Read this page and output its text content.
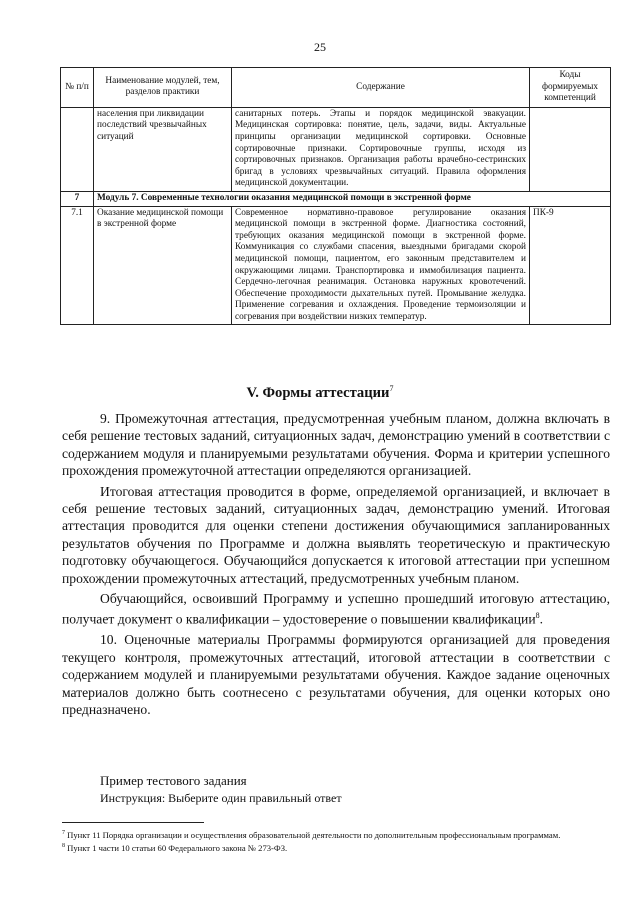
25
№ п/п	Наименование модулей, тем, разделов практики	Содержание	Коды формируемых компетенций
	населения при ликвидации последствий чрезвычайных ситуаций	санитарных потерь. Этапы и порядок медицинской эвакуации. Медицинская сортировка: понятие, цель, задачи, виды. Актуальные принципы организации медицинской сортировки. Основные сортировочные признаки. Сортировочные группы, исходя из сортировочных признаков. Организация работы врачебно-сестринских бригад в условиях чрезвычайных ситуаций. Правила оформления медицинской документации.	
7	Модуль 7. Современные технологии оказания медицинской помощи в экстренной форме		
7.1	Оказание медицинской помощи в экстренной форме	Современное нормативно-правовое регулирование оказания медицинской помощи в экстренной форме. Диагностика состояний, требующих оказания медицинской помощи в экстренной форме. Коммуникация со службами спасения, выездными бригадами скорой медицинской помощи, пациентом, его законным представителем и окружающими лицами. Транспортировка и иммобилизация пациента. Сердечно-легочная реанимация. Остановка наружных кровотечений. Обеспечение проходимости дыхательных путей. Промывание желудка. Применение согревания и охлаждения. Проведение термоизоляции и согревания при воздействии низких температур.	ПК-9
V. Формы аттестации$^7$

9. Промежуточная аттестация, предусмотренная учебным планом, должна включать в себя решение тестовых заданий, ситуационных задач, демонстрацию умений в соответствии с содержанием модуля и планируемыми результатами обучения. Форма и критерии успешного прохождения промежуточной аттестации определяются организацией.

Итоговая аттестация проводится в форме, определяемой организацией, и включает в себя решение тестовых заданий, ситуационных задач, демонстрацию умений. Итоговая аттестация проводится для оценки степени достижения обучающимися запланированных результатов обучения по Программе и должна выявлять теоретическую и практическую подготовку обучающегося. Обучающийся допускается к итоговой аттестации при успешном прохождении промежуточных аттестаций, предусмотренных учебным планом.

Обучающийся, освоивший Программу и успешно прошедший итоговую аттестацию, получает документ о квалификации – удостоверение о повышении квалификации$^8$.

10. Оценочные материалы Программы формируются организацией для проведения текущего контроля, промежуточных аттестаций, итоговой аттестации в соответствии с содержанием модулей и планируемыми результатами обучения. Каждое задание оценочных материалов должно быть соотнесено с результатами обучения, для оценки которых оно предназначено.

Пример тестового задания
Инструкция: Выберите один правильный ответ

$^7$ Пункт 11 Порядка организации и осуществления образовательной деятельности по дополнительным профессиональным программам.

$^8$ Пункт 1 части 10 статьи 60 Федерального закона № 273-ФЗ.
